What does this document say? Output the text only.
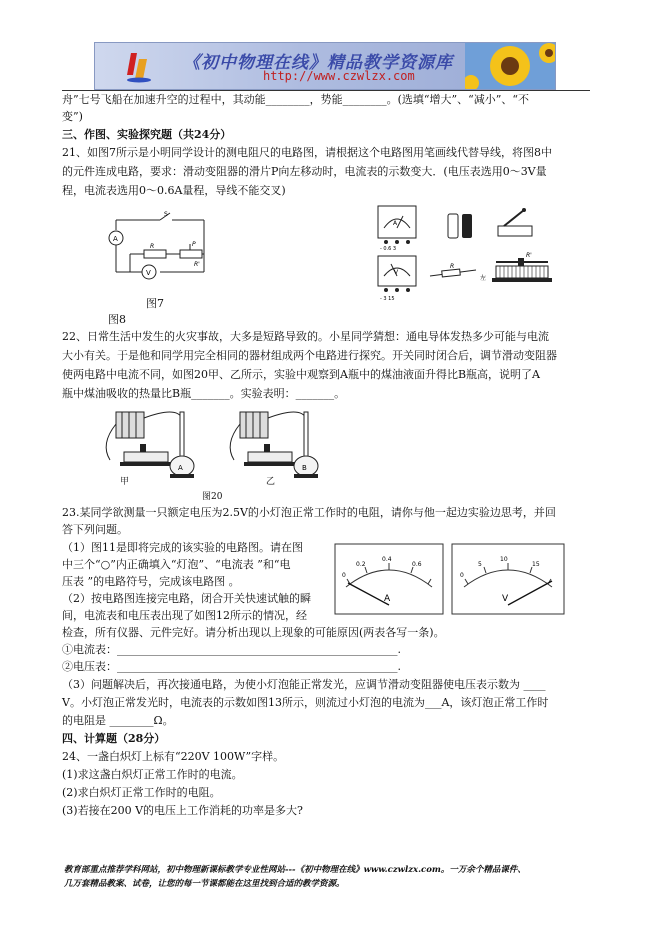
《初中物理在线》精品教学资源库
http://www.czwlzx.com
舟”七号飞船在加速升空的过程中，其动能________，势能________。(选填“增大”、“减小”、“不
变”)
三、作图、实验探究题（共24分）
21、如图7所示是小明同学设计的测电阻尺的电路图，请根据这个电路图用笔画线代替导线，将图8中
的元件连成电路，要求：滑动变阻器的滑片P向左移动时，电流表的示数变大．(电压表选用0～3V量
程，电流表选用0～0.6A量程，导线不能交叉)
S
A
V
R	P
R'
图7
图8
A
- 0.6 3
V
- 3 15
R
左
R'
22、日常生活中发生的火灾事故，大多是短路导致的。小星同学猜想：通电导体发热多少可能与电流
大小有关。于是他和同学用完全相同的器材组成两个电路进行探究。开关同时闭合后，调节滑动变阻器
使两电路中电流不同，如图20甲、乙所示，实验中观察到A瓶中的煤油液面升得比B瓶高，说明了A
瓶中煤油吸收的热量比B瓶_______。实验表明：_______。
A	B
甲	乙
图20
23.某同学欲测量一只额定电压为2.5V的小灯泡正常工作时的电阻，请你与他一起边实验边思考，并回
答下列问题。
（1）图11是即将完成的该实验的电路图。请在图
中三个“○”内正确填入“灯泡”、“电流表 ”和“电
压表 ”的电路符号，完成该电路图 。
（2）按电路图连接完电路，闭合开关快速试触的瞬
间，电流表和电压表出现了如图12所示的情况，经
0
0.2
0.4
0.6
A
0
5
10
15
V
检查，所有仪器、元件完好。请分析出现以上现象的可能原因(两表各写一条)。
①电流表：___________________________________________________.
②电压表：___________________________________________________.
（3）问题解决后，再次接通电路，为使小灯泡能正常发光，应调节滑动变阻器使电压表示数为 ____
V。小灯泡正常发光时，电流表的示数如图13所示，则流过小灯泡的电流为___A，该灯泡正常工作时
的电阻是 ________Ω。
四、计算题（28分）
24、一盏白炽灯上标有“220V 100W”字样。
(1)求这盏白炽灯正常工作时的电流。
(2)求白炽灯正常工作时的电阻。
(3)若接在200 V的电压上工作消耗的功率是多大?
教育部重点推荐学科网站，初中物理新课标教学专业性网站---《初中物理在线》www.czwlzx.com。一万余个精品课件、
几万套精品教案、试卷，让您的每一节课都能在这里找到合适的教学资源。
